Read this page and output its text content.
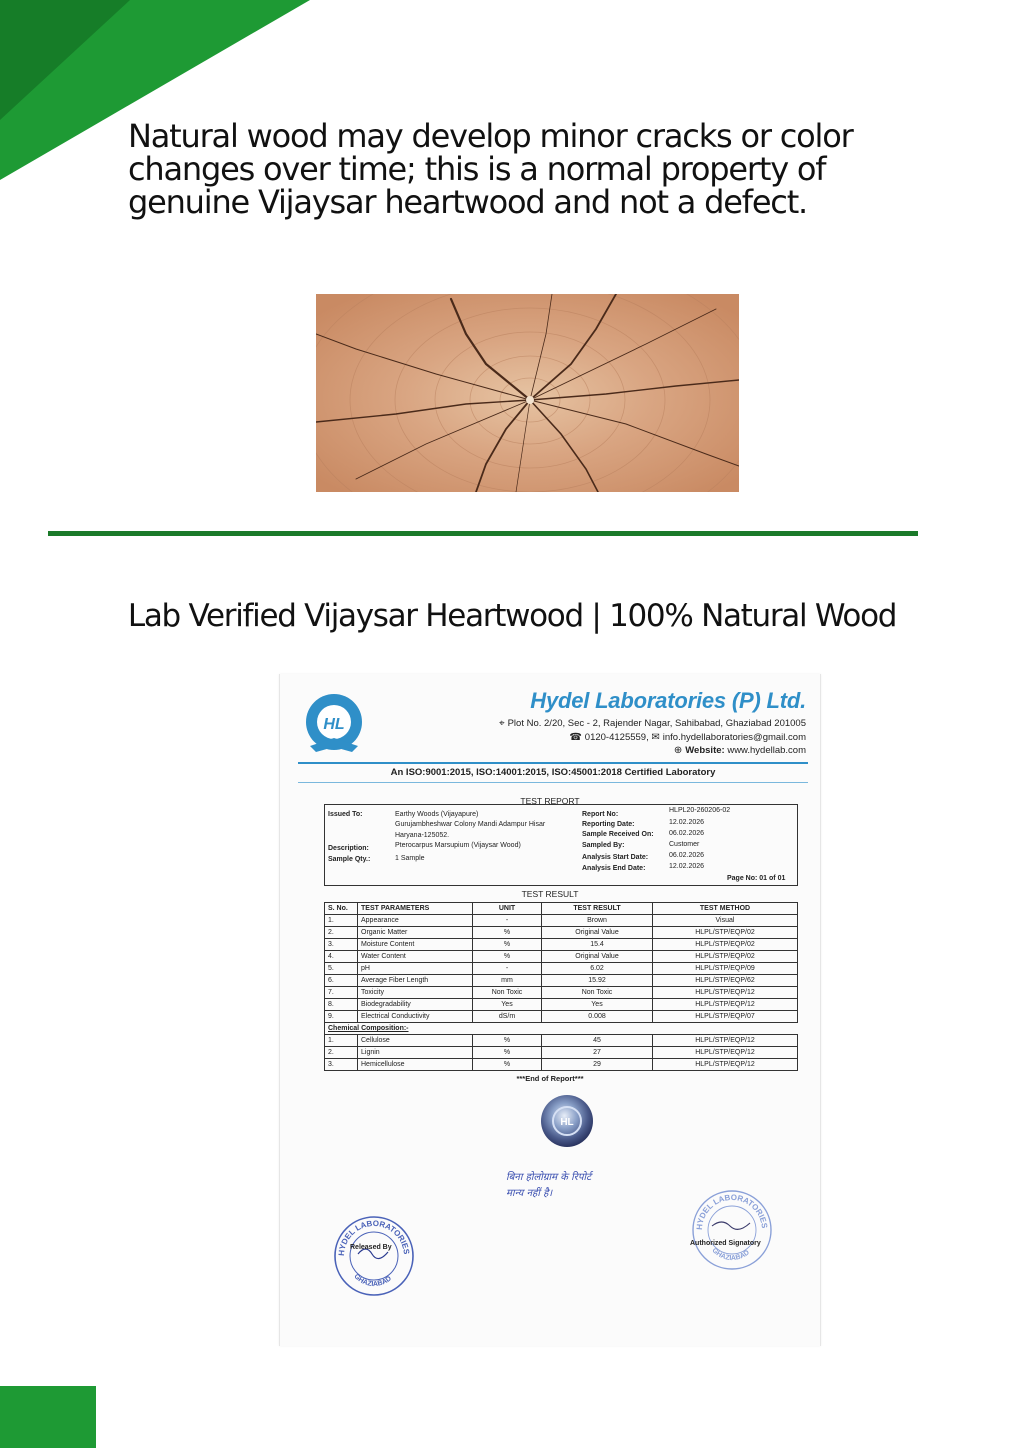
Natural wood may develop minor cracks or color
changes over time; this is a normal property of
genuine Vijaysar heartwood and not a defect.
Lab Verified Vijaysar Heartwood | 100% Natural Wood
HL
Hydel Laboratories (P) Ltd.
⌖ Plot No. 2/20, Sec - 2, Rajender Nagar, Sahibabad, Ghaziabad 201005
☎ 0120-4125559, ✉ info.hydellaboratories@gmail.com
⊕ Website: www.hydellab.com
An ISO:9001:2015, ISO:14001:2015, ISO:45001:2018 Certified Laboratory
TEST REPORT
Issued To:	Earthy Woods (Vijayapure)
Gurujambheshwar Colony Mandi Adampur Hisar
Haryana-125052.
Description:	Pterocarpus Marsupium (Vijaysar Wood)
Sample Qty.:	1 Sample
Report No:
HLPL20-260206-02
Reporting Date:	12.02.2026
Sample Received On: 06.02.2026
Sampled By:	Customer
Analysis Start Date:	06.02.2026
Analysis End Date:	12.02.2026
Page No: 01 of 01
TEST RESULT
S. No.	TEST PARAMETERS	UNIT	TEST RESULT	TEST METHOD
1.	Appearance	-	Brown	Visual
2.	Organic Matter	%	Original Value	HLPL/STP/EQP/02
3.	Moisture Content	%	15.4	HLPL/STP/EQP/02
4.	Water Content	%	Original Value	HLPL/STP/EQP/02
5.	pH	-	6.02	HLPL/STP/EQP/09
6.	Average Fiber Length	mm	15.92	HLPL/STP/EQP/62
7.	Toxicity	Non Toxic	Non Toxic	HLPL/STP/EQP/12
8.	Biodegradability	Yes	Yes	HLPL/STP/EQP/12
9.	Electrical Conductivity	dS/m	0.008	HLPL/STP/EQP/07
Chemical Composition:-				
1.	Cellulose	%	45	HLPL/STP/EQP/12
2.	Lignin	%	27	HLPL/STP/EQP/12
3.	Hemicellulose	%	29	HLPL/STP/EQP/12
***End of Report***
HL
बिना होलोग्राम के रिपोर्ट
मान्य नहीं है।
HYDEL LABORATORIES
GHAZIABAD
Released By
HYDEL LABORATORIES
GHAZIABAD
Authorized Signatory
